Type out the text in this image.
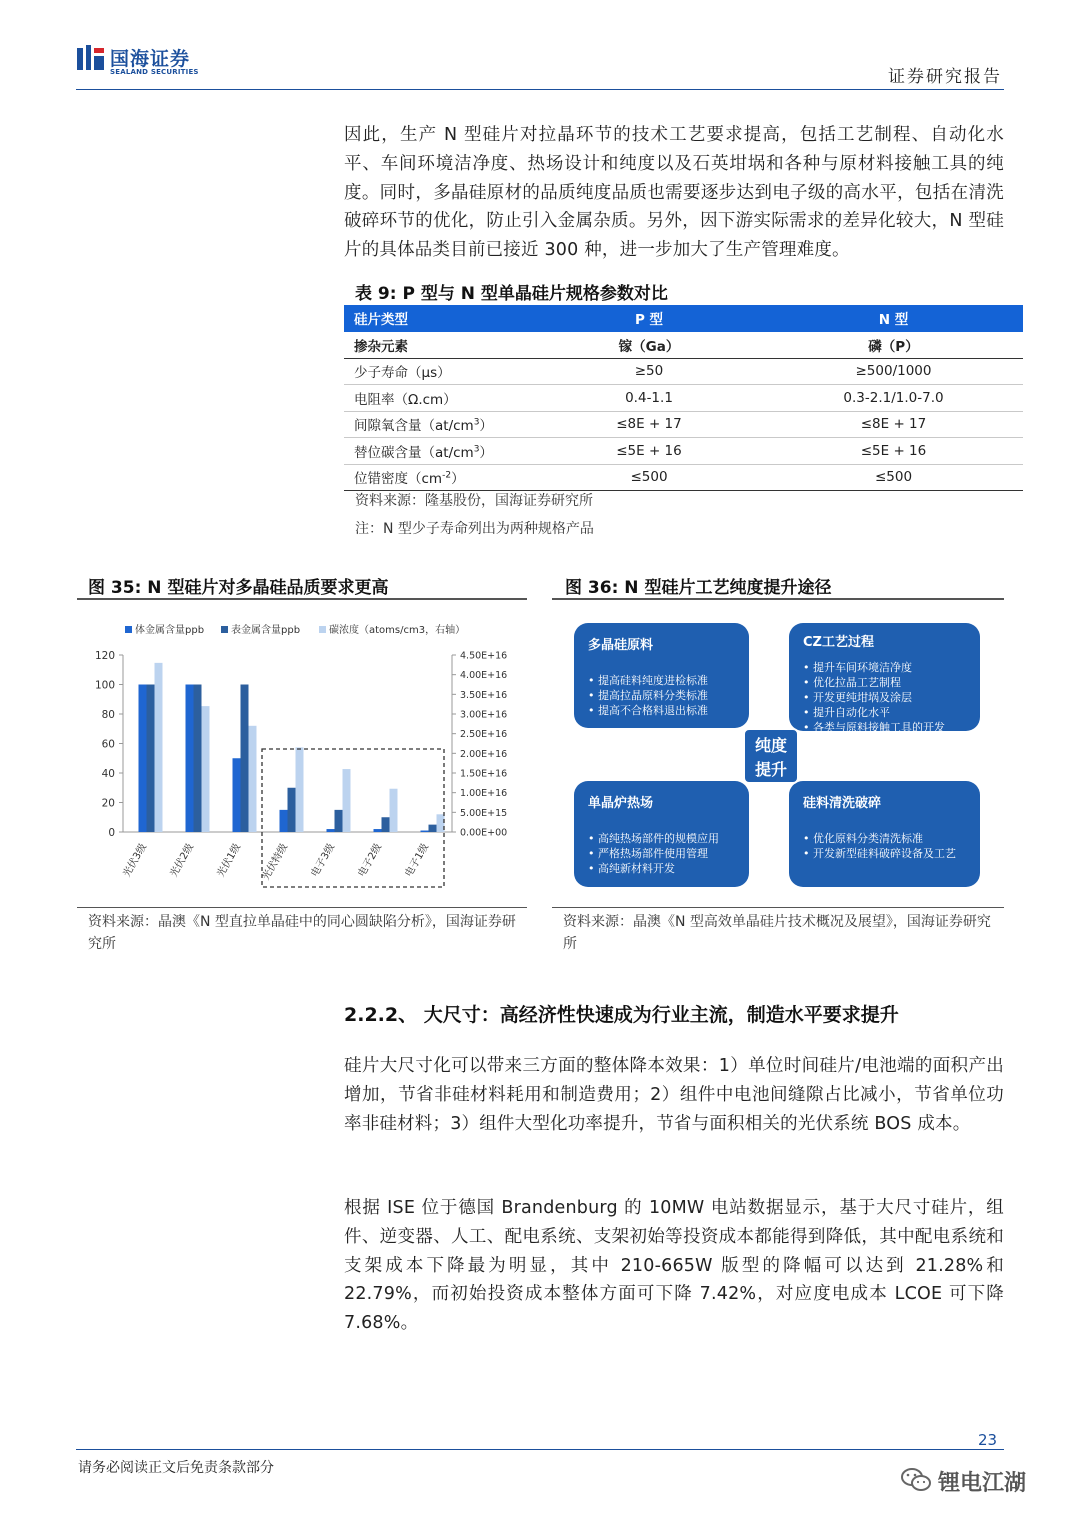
国海证券
SEALAND SECURITIES	证券研究报告
因此，生产 N 型硅片对拉晶环节的技术工艺要求提高，包括工艺制程、自动化水平、车间环境洁净度、热场设计和纯度以及石英坩埚和各种与原材料接触工具的纯度。同时，多晶硅原材的品质纯度品质也需要逐步达到电子级的高水平，包括在清洗破碎环节的优化，防止引入金属杂质。另外，因下游实际需求的差异化较大，N 型硅片的具体品类目前已接近 300 种，进一步加大了生产管理难度。
表 9: P 型与 N 型单晶硅片规格参数对比
硅片类型	P 型	N 型
掺杂元素	镓（Ga）	磷（P）
少子寿命（μs）	≥50	≥500/1000
电阻率（Ω.cm）	0.4-1.1	0.3-2.1/1.0-7.0
间隙氧含量$(at/cm^3)$	≤8E + 17	≤8E + 17
替位碳含量$(at/cm^3)$	≤5E + 16	≤5E + 16
位错密度$(cm^{-2})$	≤500	≤500
资料来源：隆基股份，国海证券研究所
注：N 型少子寿命列出为两种规格产品
图 35: N 型硅片对多晶硅品质要求更高
体金属含量ppb	表金属含量ppb	碳浓度（atoms/cm3，右轴）
0
20
40
60
80
100
120
0.00E+00
5.00E+15
1.00E+16
1.50E+16
2.00E+16
2.50E+16
3.00E+16
3.50E+16
4.00E+16
4.50E+16
光伏3级 光伏2级 光伏1级 光伏特级 电子3级 电子2级 电子1级
资料来源：晶澳《N 型直拉单晶硅中的同心圆缺陷分析》，国海证券研究所
图 36: N 型硅片工艺纯度提升途径
多晶硅原料
• 提高硅料纯度进检标准
• 提高拉晶原料分类标准
• 提高不合格料退出标准
CZ工艺过程
• 提升车间环境洁净度
• 优化拉晶工艺制程
• 开发更纯坩埚及涂层
• 提升自动化水平
• 各类与原料接触工具的开发
单晶炉热场
• 高纯热场部件的规模应用
• 严格热场部件使用管理
• 高纯新材料开发
硅料清洗破碎
• 优化原料分类清洗标准
• 开发新型硅料破碎设备及工艺
纯度
提升
资料来源：晶澳《N 型高效单晶硅片技术概况及展望》，国海证券研究所
2.2.2、 大尺寸：高经济性快速成为行业主流，制造水平要求提升
硅片大尺寸化可以带来三方面的整体降本效果：1）单位时间硅片/电池端的面积产出增加，节省非硅材料耗用和制造费用；2）组件中电池间缝隙占比减小，节省单位功率非硅材料；3）组件大型化功率提升，节省与面积相关的光伏系统 BOS 成本。
根据 ISE 位于德国 Brandenburg 的 10MW 电站数据显示，基于大尺寸硅片，组件、逆变器、人工、配电系统、支架初始等投资成本都能得到降低，其中配电系统和支架成本下降最为明显，其中 210-665W 版型的降幅可以达到 21.28%和 22.79%，而初始投资成本整体方面可下降 7.42%，对应度电成本 LCOE 可下降 7.68%。
23
请务必阅读正文后免责条款部分
锂电江湖
